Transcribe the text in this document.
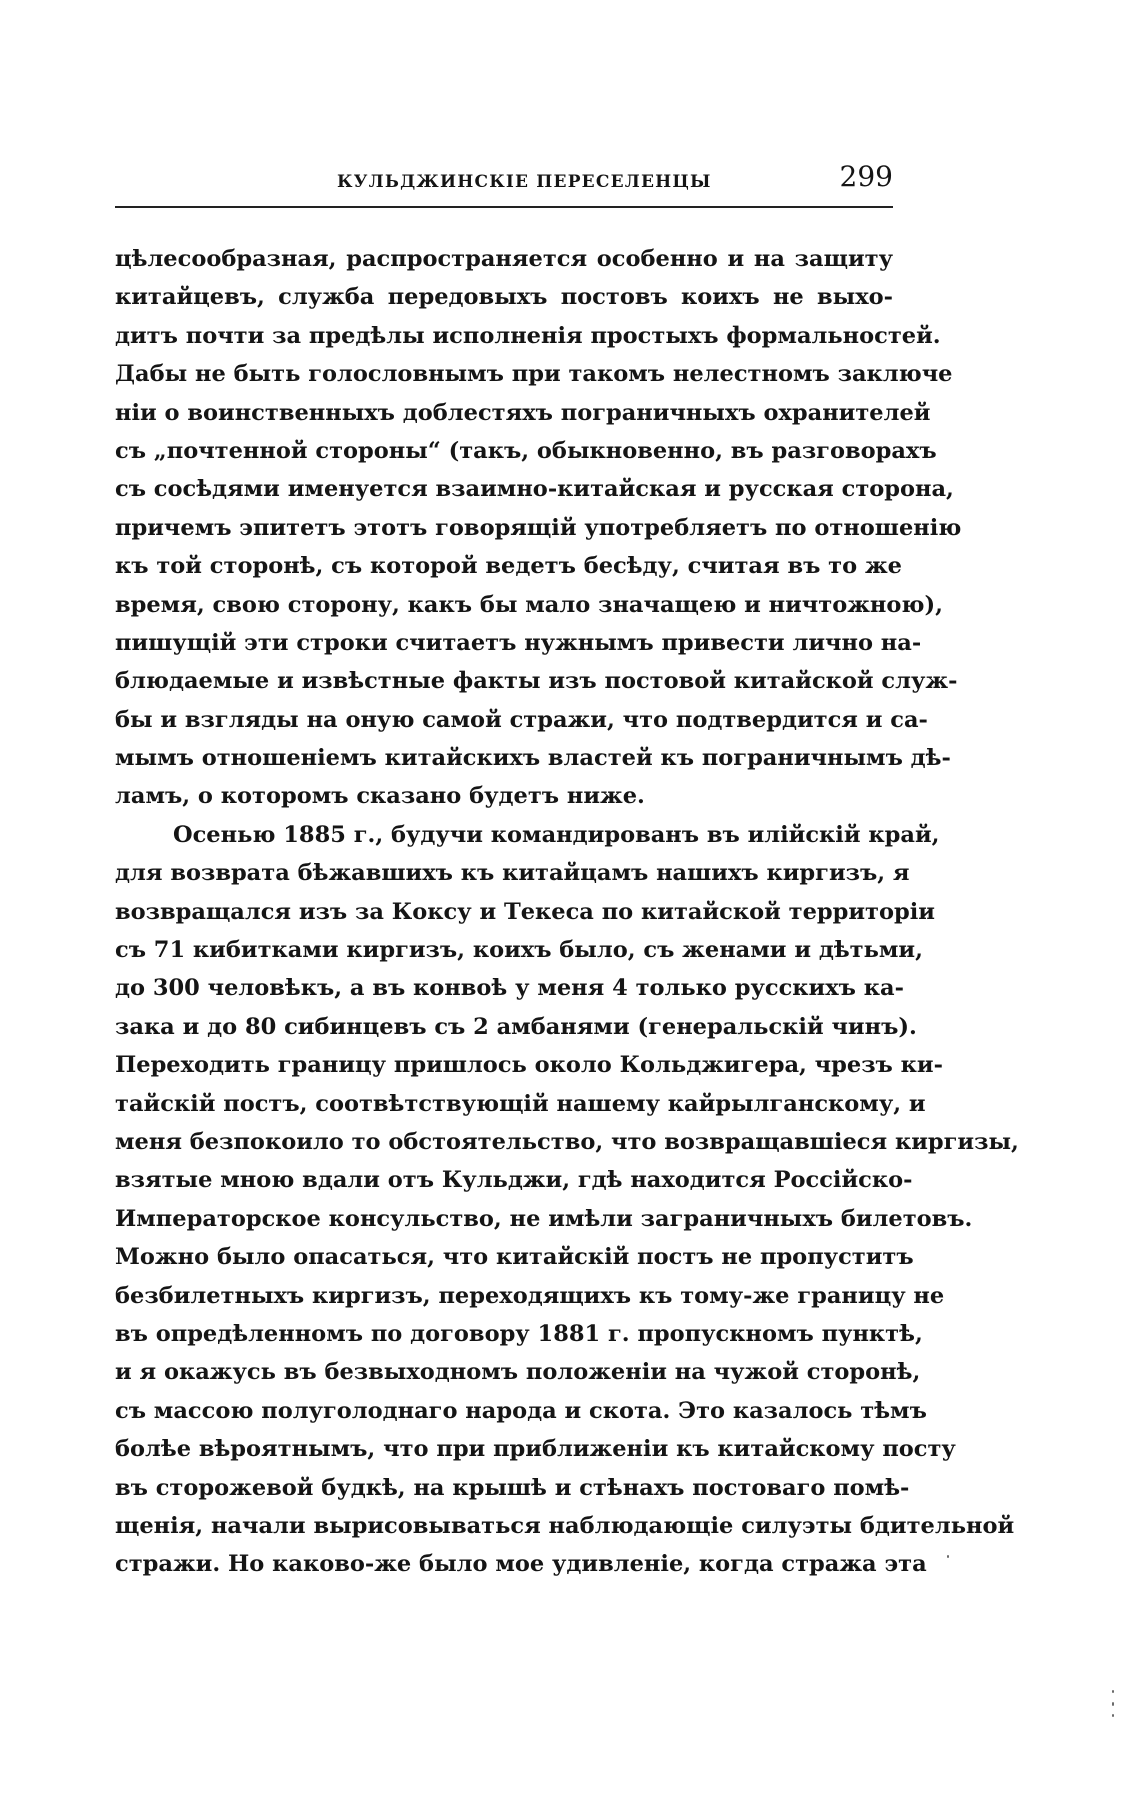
КУЛЬДЖИНСКІЕ ПЕРЕСЕЛЕНЦЫ	299
цѣлесообразная, распространяется особенно и на защиту
китайцевъ, служба передовыхъ постовъ коихъ не выхо-
дитъ почти за предѣлы исполненія простыхъ формальностей.
Дабы не быть голословнымъ при такомъ нелестномъ заключе
ніи о воинственныхъ доблестяхъ пограничныхъ охранителей
съ „почтенной стороны“ (такъ, обыкновенно, въ разговорахъ
съ сосѣдями именуется взаимно-китайская и русская сторона,
причемъ эпитетъ этотъ говорящій употребляетъ по отношенію
къ той сторонѣ, съ которой ведетъ бесѣду, считая въ то же
время, свою сторону, какъ бы мало значащею и ничтожною),
пишущій эти строки считаетъ нужнымъ привести лично на-
блюдаемые и извѣстные факты изъ постовой китайской служ-
бы и взгляды на оную самой стражи, что подтвердится и са-
мымъ отношеніемъ китайскихъ властей къ пограничнымъ дѣ-
ламъ, о которомъ сказано будетъ ниже.
Осенью 1885 г., будучи командированъ въ илійскій край,
для возврата бѣжавшихъ къ китайцамъ нашихъ киргизъ, я
возвращался изъ за Коксу и Текеса по китайской территоріи
съ 71 кибитками киргизъ, коихъ было, съ женами и дѣтьми,
до 300 человѣкъ, а въ конвоѣ у меня 4 только русскихъ ка-
зака и до 80 сибинцевъ съ 2 амбанями (генеральскій чинъ).
Переходить границу пришлось около Кольджигера, чрезъ ки-
тайскій постъ, соотвѣтствующій нашему кайрылганскому, и
меня безпокоило то обстоятельство, что возвращавшіеся киргизы,
взятые мною вдали отъ Кульджи, гдѣ находится Россійско-
Императорское консульство, не имѣли заграничныхъ билетовъ.
Можно было опасаться, что китайскій постъ не пропуститъ
безбилетныхъ киргизъ, переходящихъ къ тому-же границу не
въ опредѣленномъ по договору 1881 г. пропускномъ пунктѣ,
и я окажусь въ безвыходномъ положеніи на чужой сторонѣ,
съ массою полуголоднаго народа и скота. Это казалось тѣмъ
болѣе вѣроятнымъ, что при приближеніи къ китайскому посту
въ сторожевой будкѣ, на крышѣ и стѣнахъ постоваго помѣ-
щенія, начали вырисовываться наблюдающіе силуэты бдительной
стражи. Но каково-же было мое удивленіе, когда стража эта
